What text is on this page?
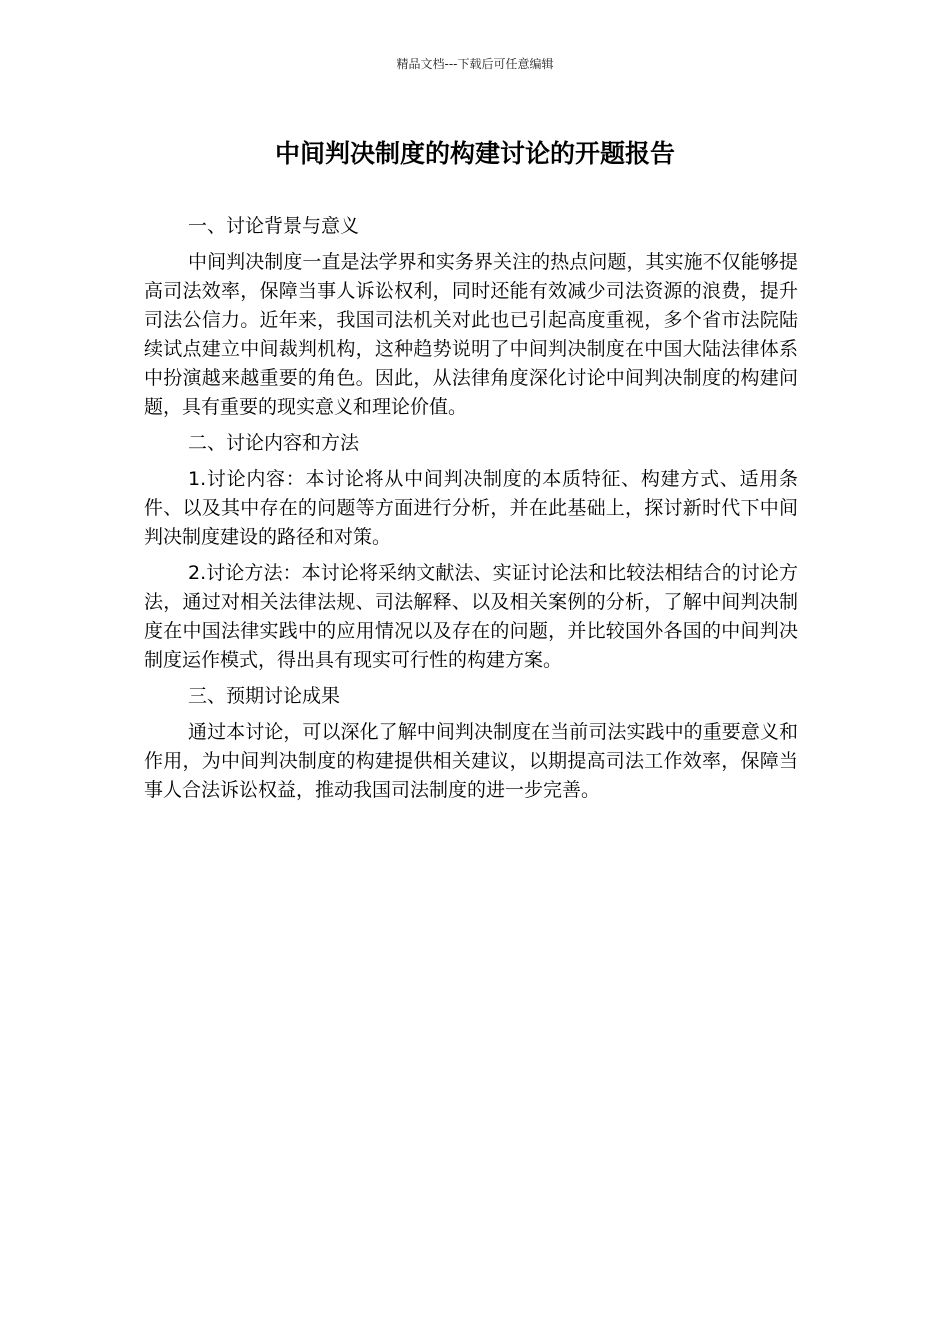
精品文档---下载后可任意编辑
中间判决制度的构建讨论的开题报告
一、讨论背景与意义

中间判决制度一直是法学界和实务界关注的热点问题，其实施不仅能够提高司法效率，保障当事人诉讼权利，同时还能有效减少司法资源的浪费，提升司法公信力。近年来，我国司法机关对此也已引起高度重视，多个省市法院陆续试点建立中间裁判机构，这种趋势说明了中间判决制度在中国大陆法律体系中扮演越来越重要的角色。因此，从法律角度深化讨论中间判决制度的构建问题，具有重要的现实意义和理论价值。

二、讨论内容和方法

1.讨论内容：本讨论将从中间判决制度的本质特征、构建方式、适用条件、以及其中存在的问题等方面进行分析，并在此基础上，探讨新时代下中间判决制度建设的路径和对策。

2.讨论方法：本讨论将采纳文献法、实证讨论法和比较法相结合的讨论方法，通过对相关法律法规、司法解释、以及相关案例的分析，了解中间判决制度在中国法律实践中的应用情况以及存在的问题，并比较国外各国的中间判决制度运作模式，得出具有现实可行性的构建方案。

三、预期讨论成果

通过本讨论，可以深化了解中间判决制度在当前司法实践中的重要意义和作用，为中间判决制度的构建提供相关建议，以期提高司法工作效率，保障当事人合法诉讼权益，推动我国司法制度的进一步完善。
